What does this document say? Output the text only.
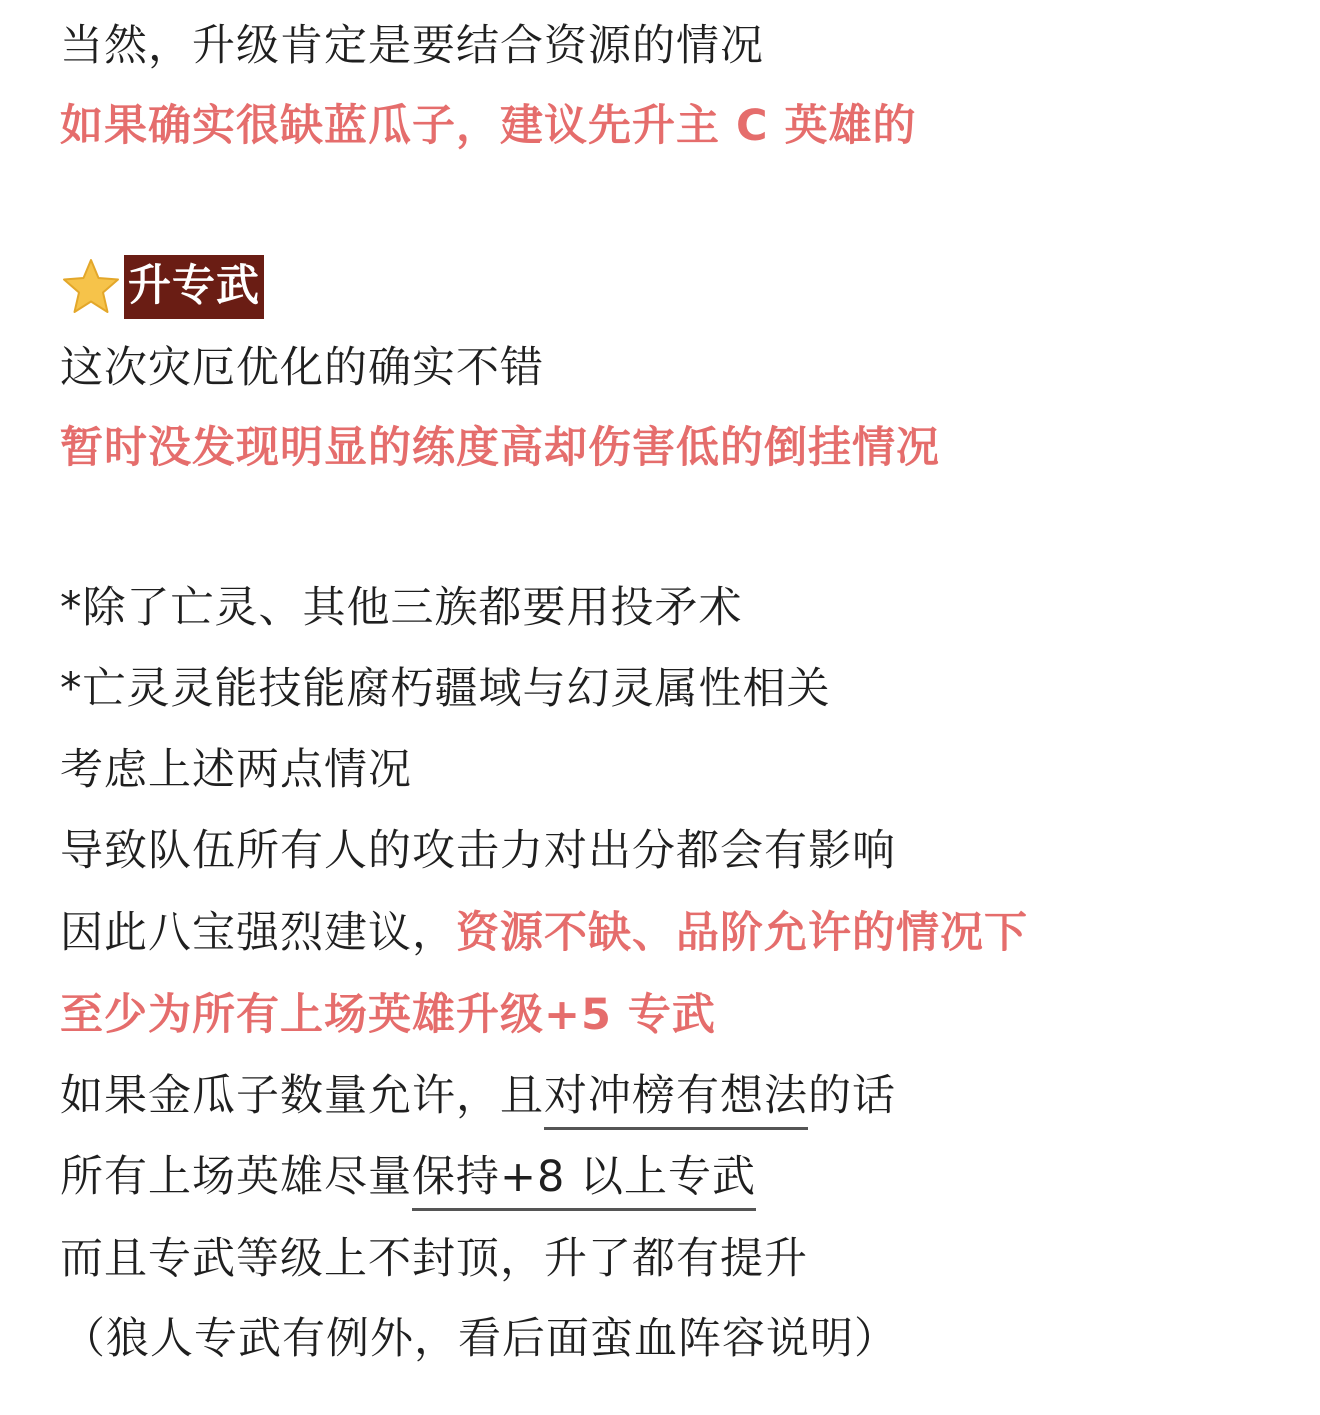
当然，升级肯定是要结合资源的情况
如果确实很缺蓝瓜子，建议先升主 C 英雄的
升专武
这次灾厄优化的确实不错
暂时没发现明显的练度高却伤害低的倒挂情况
*除了亡灵、其他三族都要用投矛术
*亡灵灵能技能腐朽疆域与幻灵属性相关
考虑上述两点情况
导致队伍所有人的攻击力对出分都会有影响
因此八宝强烈建议，资源不缺、品阶允许的情况下
至少为所有上场英雄升级+5 专武
如果金瓜子数量允许，且对冲榜有想法的话
所有上场英雄尽量保持+8 以上专武
而且专武等级上不封顶，升了都有提升
（狼人专武有例外，看后面蛮血阵容说明）
